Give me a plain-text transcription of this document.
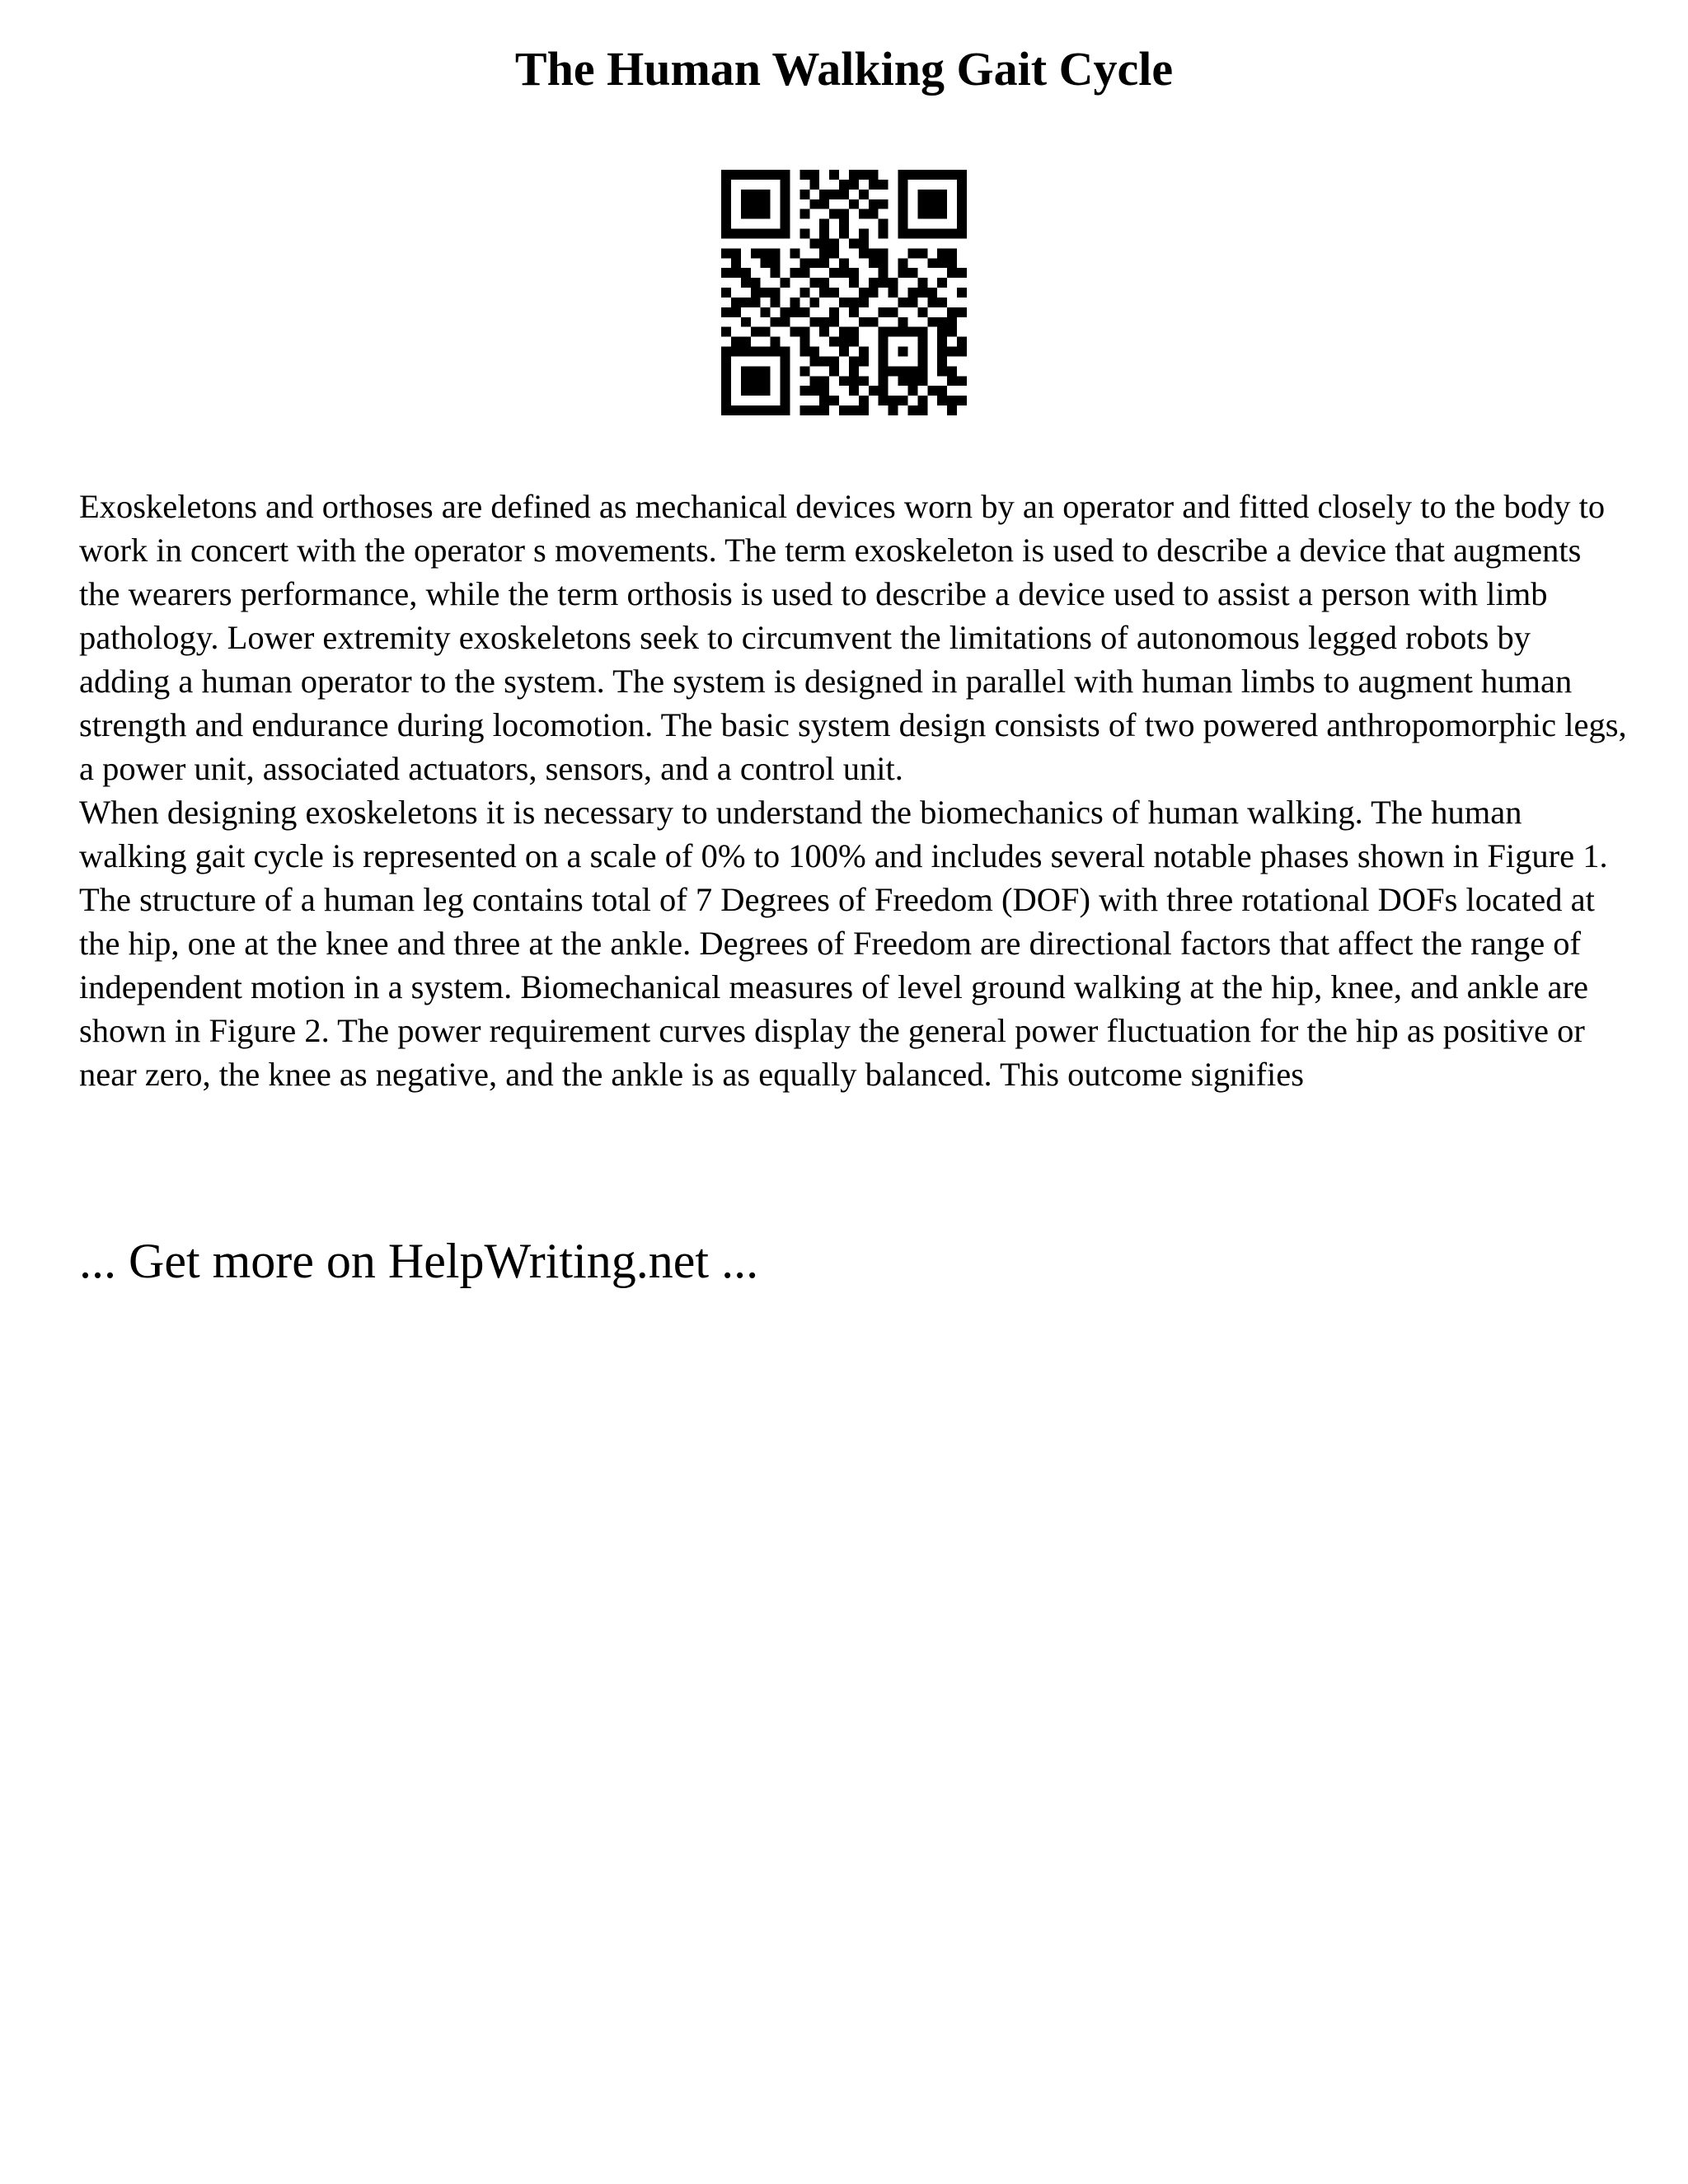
The Human Walking Gait Cycle

Exoskeletons and orthoses are defined as mechanical devices worn by an operator and fitted closely to the body to work in concert with the operator s movements. The term exoskeleton is used to describe a device that augments the wearers performance, while the term orthosis is used to describe a device used to assist a person with limb pathology. Lower extremity exoskeletons seek to circumvent the limitations of autonomous legged robots by adding a human operator to the system. The system is designed in parallel with human limbs to augment human strength and endurance during locomotion. The basic system design consists of two powered anthropomorphic legs, a power unit, associated actuators, sensors, and a control unit.

When designing exoskeletons it is necessary to understand the biomechanics of human walking. The human walking gait cycle is represented on a scale of 0% to 100% and includes several notable phases shown in Figure 1. The structure of a human leg contains total of 7 Degrees of Freedom (DOF) with three rotational DOFs located at the hip, one at the knee and three at the ankle. Degrees of Freedom are directional factors that affect the range of independent motion in a system. Biomechanical measures of level ground walking at the hip, knee, and ankle are shown in Figure 2. The power requirement curves display the general power fluctuation for the hip as positive or near zero, the knee as negative, and the ankle is as equally balanced. This outcome signifies

... Get more on HelpWriting.net ...
